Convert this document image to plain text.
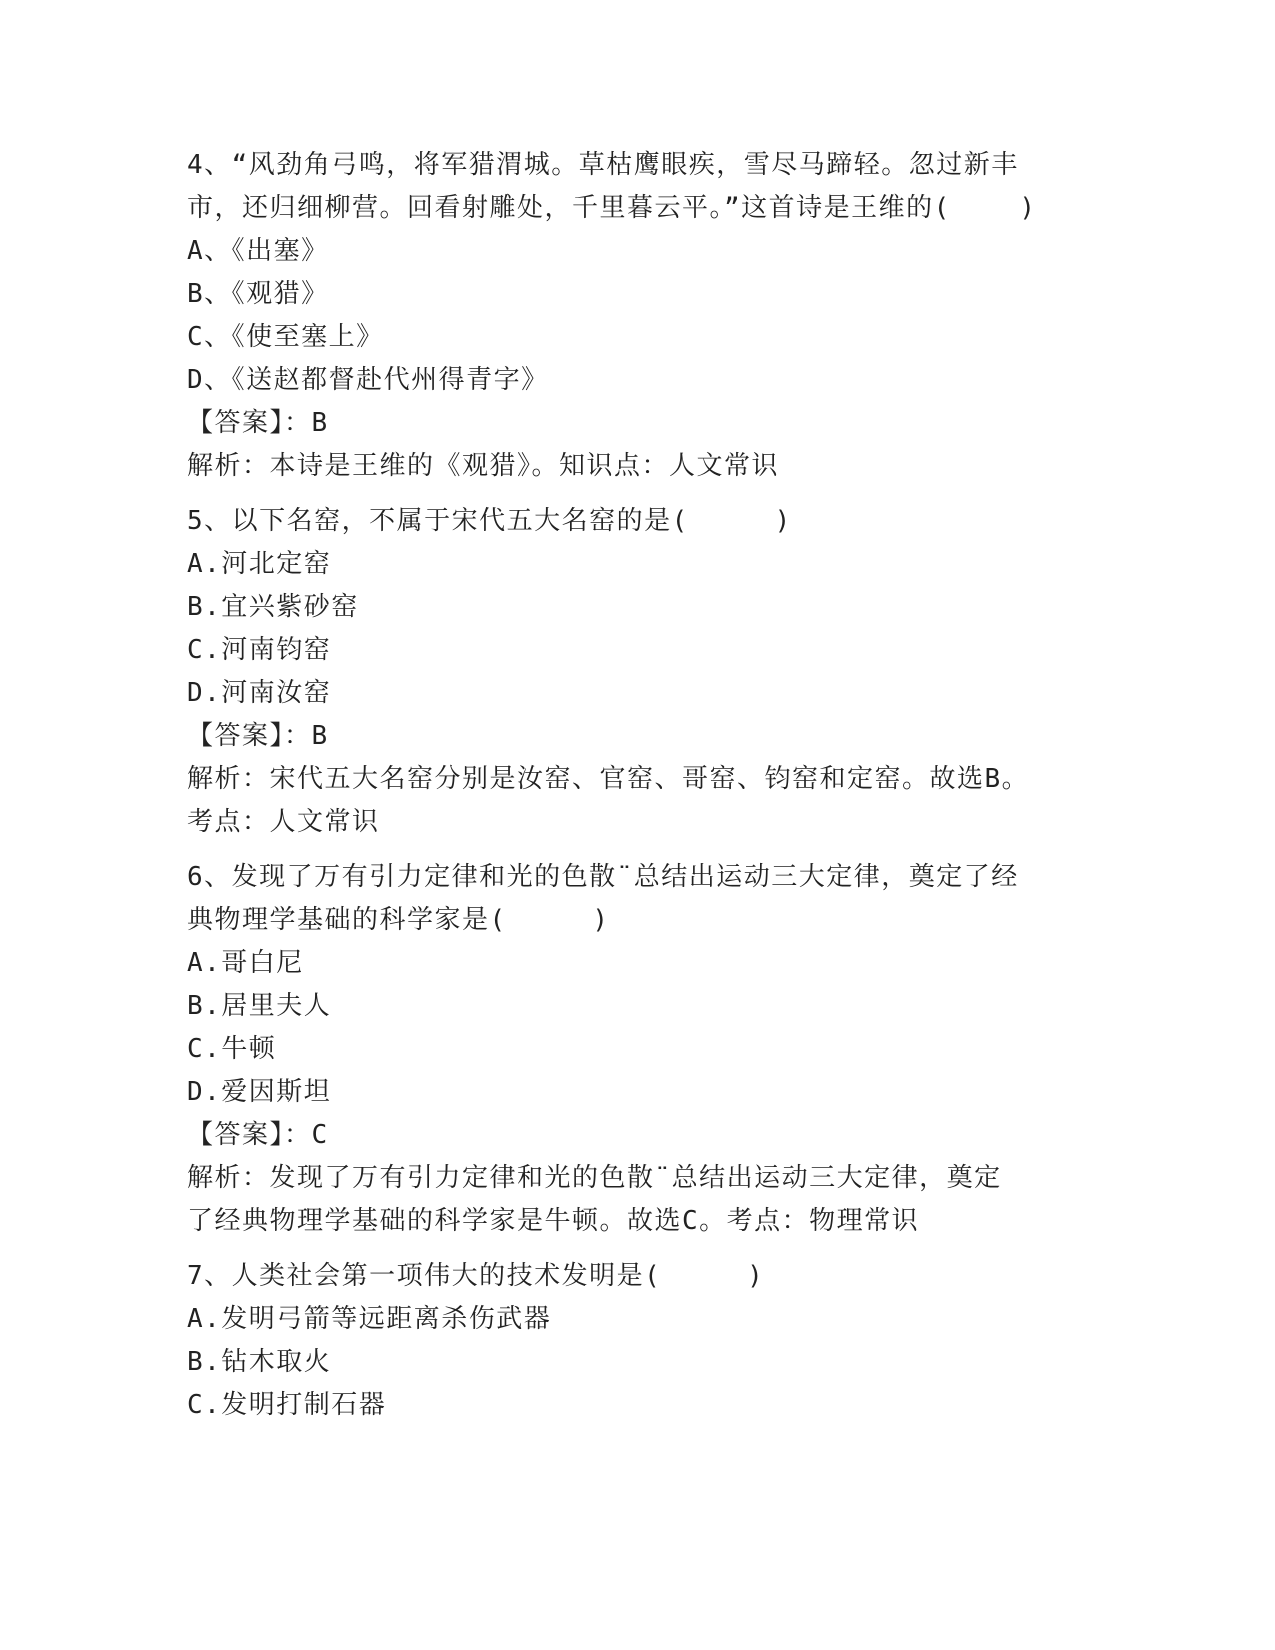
4、“风劲角弓鸣，将军猎渭城。草枯鹰眼疾，雪尽马蹄轻。忽过新丰

市，还归细柳营。回看射雕处，千里暮云平。”这首诗是王维的(    )

A、《出塞》

B、《观猎》

C、《使至塞上》

D、《送赵都督赴代州得青字》

【答案】：B

解析：本诗是王维的《观猎》。知识点：人文常识

5、以下名窑，不属于宋代五大名窑的是(     )

A.河北定窑

B.宜兴紫砂窑

C.河南钧窑

D.河南汝窑

【答案】：B

解析：宋代五大名窑分别是汝窑、官窑、哥窑、钧窑和定窑。故选B。

考点：人文常识

6、发现了万有引力定律和光的色散¨总结出运动三大定律，奠定了经

典物理学基础的科学家是(     )

A.哥白尼

B.居里夫人

C.牛顿

D.爱因斯坦

【答案】：C

解析：发现了万有引力定律和光的色散¨总结出运动三大定律，奠定

了经典物理学基础的科学家是牛顿。故选C。考点：物理常识

7、人类社会第一项伟大的技术发明是(     )

A.发明弓箭等远距离杀伤武器

B.钻木取火

C.发明打制石器
